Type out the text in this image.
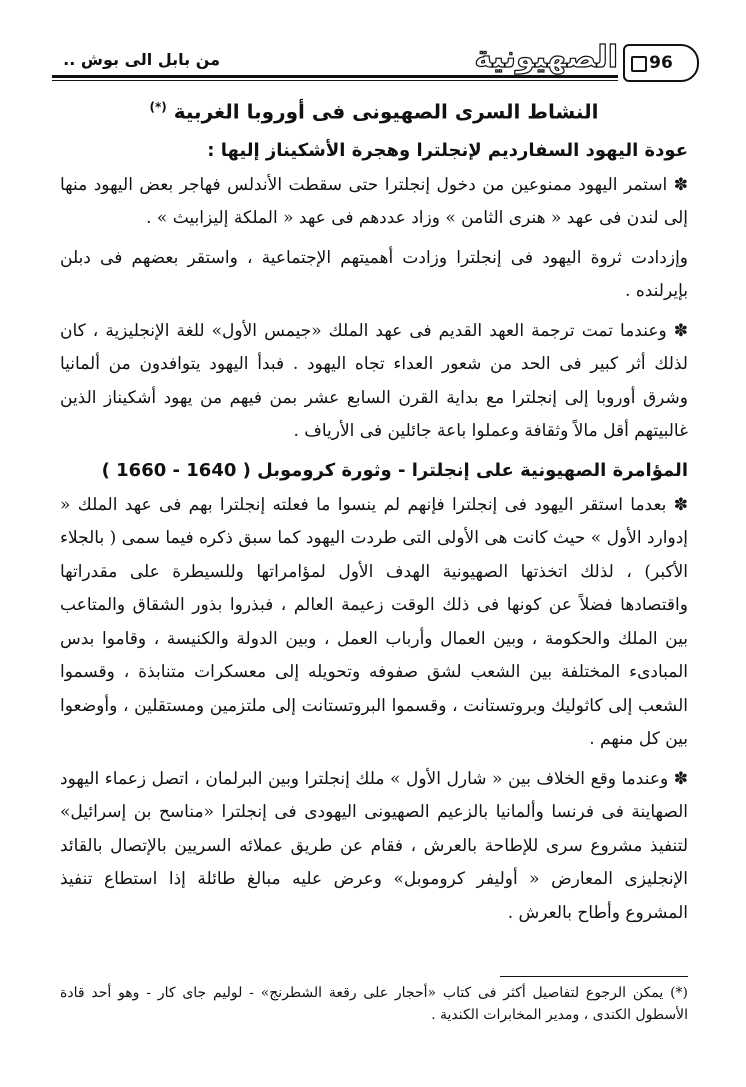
.. من بابل الى بوش	الصهيونية 96
النشاط السرى الصهيونى فى أوروبا الغربية (*)
عودة اليهود السفارديم لإنجلترا وهجرة الأشكيناز إليها :

✽ استمر اليهود ممنوعين من دخول إنجلترا حتى سقطت الأندلس فهاجر بعض اليهود منها إلى لندن فى عهد « هنرى الثامن » وزاد عددهم فى عهد « الملكة إليزابيث » .

وإزدادت ثروة اليهود فى إنجلترا وزادت أهميتهم الإجتماعية ، واستقر بعضهم فى دبلن بإيرلنده .

✽ وعندما تمت ترجمة العهد القديم فى عهد الملك «جيمس الأول» للغة الإنجليزية ، كان لذلك أثر كبير فى الحد من شعور العداء تجاه اليهود . فبدأ اليهود يتوافدون من ألمانيا وشرق أوروبا إلى إنجلترا مع بداية القرن السابع عشر بمن فيهم من يهود أشكيناز الذين غالبيتهم أقل مالاً وثقافة وعملوا باعة جائلين فى الأرياف .

المؤامرة الصهيونية على إنجلترا - وثورة كروموبل ( 1640 - 1660 )

✽ بعدما استقر اليهود فى إنجلترا فإنهم لم ينسوا ما فعلته إنجلترا بهم فى عهد الملك « إدوارد الأول » حيث كانت هى الأولى التى طردت اليهود كما سبق ذكره فيما سمى ( بالجلاء الأكبر) ، لذلك اتخذتها الصهيونية الهدف الأول لمؤامراتها وللسيطرة على مقدراتها واقتصادها فضلاً عن كونها فى ذلك الوقت زعيمة العالم ، فبذروا بذور الشقاق والمتاعب بين الملك والحكومة ، وبين العمال وأرباب العمل ، وبين الدولة والكنيسة ، وقاموا بدس المبادىء المختلفة بين الشعب لشق صفوفه وتحويله إلى معسكرات متنابذة ، وقسموا الشعب إلى كاثوليك وبروتستانت ، وقسموا البروتستانت إلى ملتزمين ومستقلين ، وأوضعوا بين كل منهم .

✽ وعندما وقع الخلاف بين « شارل الأول » ملك إنجلترا وبين البرلمان ، اتصل زعماء اليهود الصهاينة فى فرنسا وألمانيا بالزعيم الصهيونى اليهودى فى إنجلترا «مناسح بن إسرائيل» لتنفيذ مشروع سرى للإطاحة بالعرش ، فقام عن طريق عملائه السريين بالإتصال بالقائد الإنجليزى المعارض « أوليفر كروموبل» وعرض عليه مبالغ طائلة إذا استطاع تنفيذ المشروع وأطاح بالعرش .

(*) يمكن الرجوع لتفاصيل أكثر فى كتاب «أحجار على رقعة الشطرنج» - لوليم جاى كار - وهو أحد قادة الأسطول الكندى ، ومدير المخابرات الكندية .
